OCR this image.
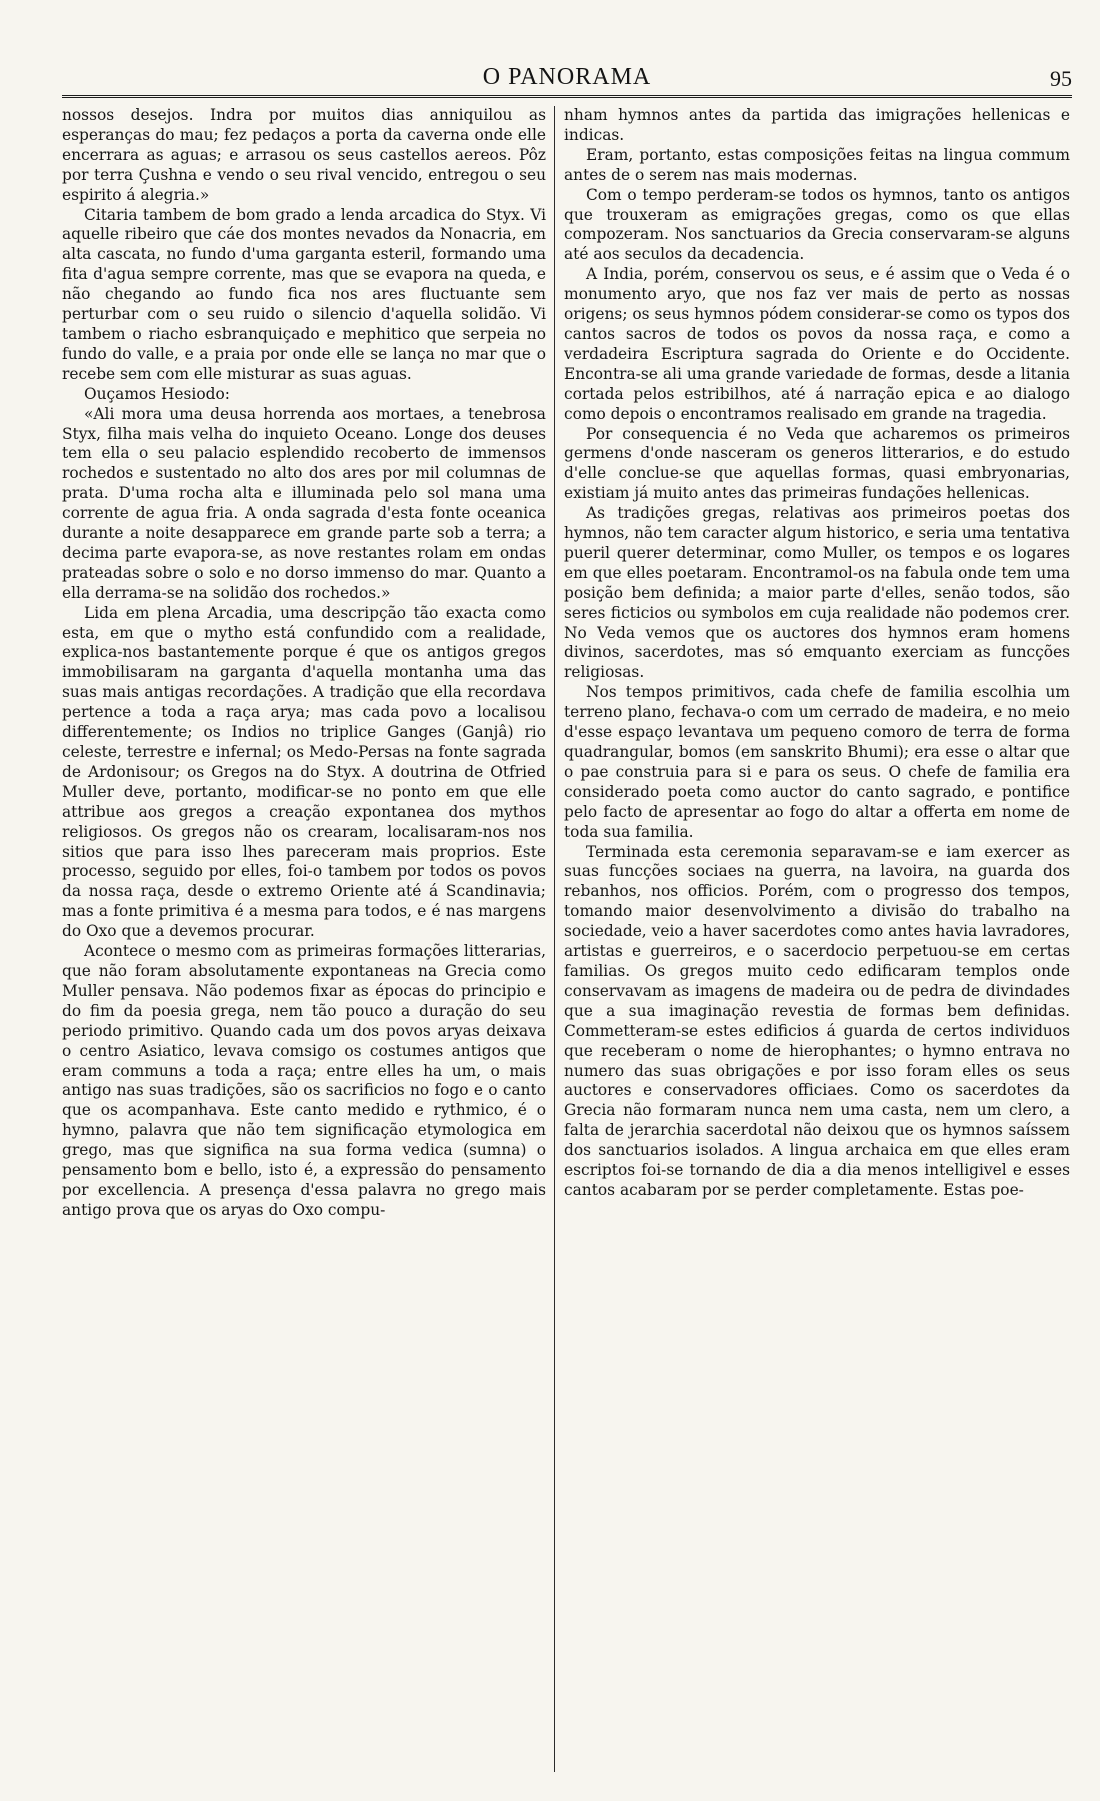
O PANORAMA	95

nossos desejos. Indra por muitos dias anniquilou as esperanças do mau; fez pedaços a porta da caverna onde elle encerrara as aguas; e arrasou os seus castellos aereos. Pôz por terra Çushna e vendo o seu rival vencido, entregou o seu espirito á alegria.»

Citaria tambem de bom grado a lenda arcadica do Styx. Vi aquelle ribeiro que cáe dos montes nevados da Nonacria, em alta cascata, no fundo d'uma garganta esteril, formando uma fita d'agua sempre corrente, mas que se evapora na queda, e não chegando ao fundo fica nos ares fluctuante sem perturbar com o seu ruido o silencio d'aquella solidão. Vi tambem o riacho esbranquiçado e mephitico que serpeia no fundo do valle, e a praia por onde elle se lança no mar que o recebe sem com elle misturar as suas aguas.

Ouçamos Hesiodo:

«Ali mora uma deusa horrenda aos mortaes, a tenebrosa Styx, filha mais velha do inquieto Oceano. Longe dos deuses tem ella o seu palacio esplendido recoberto de immensos rochedos e sustentado no alto dos ares por mil columnas de prata. D'uma rocha alta e illuminada pelo sol mana uma corrente de agua fria. A onda sagrada d'esta fonte oceanica durante a noite desapparece em grande parte sob a terra; a decima parte evapora-se, as nove restantes rolam em ondas prateadas sobre o solo e no dorso immenso do mar. Quanto a ella derrama-se na solidão dos rochedos.»

Lida em plena Arcadia, uma descripção tão exacta como esta, em que o mytho está confundido com a realidade, explica-nos bastantemente porque é que os antigos gregos immobilisaram na garganta d'aquella montanha uma das suas mais antigas recordações. A tradição que ella recordava pertence a toda a raça arya; mas cada povo a localisou differentemente; os Indios no triplice Ganges (Ganjâ) rio celeste, terrestre e infernal; os Medo-Persas na fonte sagrada de Ardonisour; os Gregos na do Styx. A doutrina de Otfried Muller deve, portanto, modificar-se no ponto em que elle attribue aos gregos a creação expontanea dos mythos religiosos. Os gregos não os crearam, localisaram-nos nos sitios que para isso lhes pareceram mais proprios. Este processo, seguido por elles, foi-o tambem por todos os povos da nossa raça, desde o extremo Oriente até á Scandinavia; mas a fonte primitiva é a mesma para todos, e é nas margens do Oxo que a devemos procurar.

Acontece o mesmo com as primeiras formações litterarias, que não foram absolutamente expontaneas na Grecia como Muller pensava. Não podemos fixar as épocas do principio e do fim da poesia grega, nem tão pouco a duração do seu periodo primitivo. Quando cada um dos povos aryas deixava o centro Asiatico, levava comsigo os costumes antigos que eram communs a toda a raça; entre elles ha um, o mais antigo nas suas tradições, são os sacrificios no fogo e o canto que os acompanhava. Este canto medido e rythmico, é o hymno, palavra que não tem significação etymologica em grego, mas que significa na sua forma vedica (sumna) o pensamento bom e bello, isto é, a expressão do pensamento por excellencia. A presença d'essa palavra no grego mais antigo prova que os aryas do Oxo compu-

nham hymnos antes da partida das imigrações hellenicas e indicas.

Eram, portanto, estas composições feitas na lingua commum antes de o serem nas mais modernas.

Com o tempo perderam-se todos os hymnos, tanto os antigos que trouxeram as emigrações gregas, como os que ellas compozeram. Nos sanctuarios da Grecia conservaram-se alguns até aos seculos da decadencia.

A India, porém, conservou os seus, e é assim que o Veda é o monumento aryo, que nos faz ver mais de perto as nossas origens; os seus hymnos pódem considerar-se como os typos dos cantos sacros de todos os povos da nossa raça, e como a verdadeira Escriptura sagrada do Oriente e do Occidente. Encontra-se ali uma grande variedade de formas, desde a litania cortada pelos estribilhos, até á narração epica e ao dialogo como depois o encontramos realisado em grande na tragedia.

Por consequencia é no Veda que acharemos os primeiros germens d'onde nasceram os generos litterarios, e do estudo d'elle conclue-se que aquellas formas, quasi embryonarias, existiam já muito antes das primeiras fundações hellenicas.

As tradições gregas, relativas aos primeiros poetas dos hymnos, não tem caracter algum historico, e seria uma tentativa pueril querer determinar, como Muller, os tempos e os logares em que elles poetaram. Encontramol-os na fabula onde tem uma posição bem definida; a maior parte d'elles, senão todos, são seres ficticios ou symbolos em cuja realidade não podemos crer. No Veda vemos que os auctores dos hymnos eram homens divinos, sacerdotes, mas só emquanto exerciam as funcções religiosas.

Nos tempos primitivos, cada chefe de familia escolhia um terreno plano, fechava-o com um cerrado de madeira, e no meio d'esse espaço levantava um pequeno comoro de terra de forma quadrangular, bomos (em sanskrito Bhumi); era esse o altar que o pae construia para si e para os seus. O chefe de familia era considerado poeta como auctor do canto sagrado, e pontifice pelo facto de apresentar ao fogo do altar a offerta em nome de toda sua familia.

Terminada esta ceremonia separavam-se e iam exercer as suas funcções sociaes na guerra, na lavoira, na guarda dos rebanhos, nos officios. Porém, com o progresso dos tempos, tomando maior desenvolvimento a divisão do trabalho na sociedade, veio a haver sacerdotes como antes havia lavradores, artistas e guerreiros, e o sacerdocio perpetuou-se em certas familias. Os gregos muito cedo edificaram templos onde conservavam as imagens de madeira ou de pedra de divindades que a sua imaginação revestia de formas bem definidas. Commetteram-se estes edificios á guarda de certos individuos que receberam o nome de hierophantes; o hymno entrava no numero das suas obrigações e por isso foram elles os seus auctores e conservadores officiaes. Como os sacerdotes da Grecia não formaram nunca nem uma casta, nem um clero, a falta de jerarchia sacerdotal não deixou que os hymnos saíssem dos sanctuarios isolados. A lingua archaica em que elles eram escriptos foi-se tornando de dia a dia menos intelligivel e esses cantos acabaram por se perder completamente. Estas poe-
